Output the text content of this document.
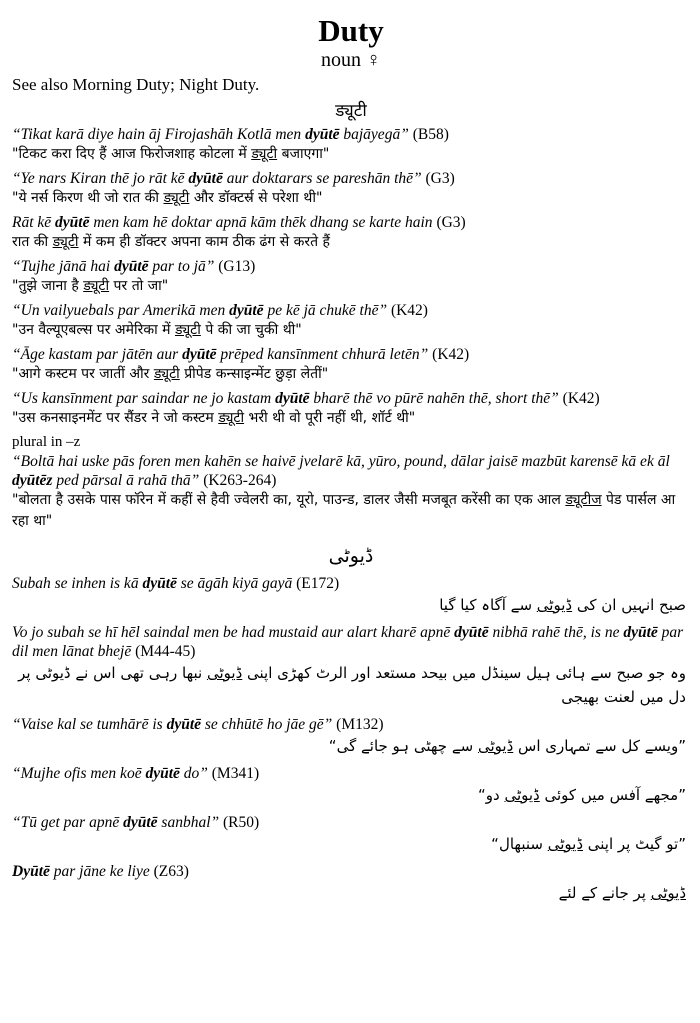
Duty
noun ♀
See also Morning Duty; Night Duty.
ड्यूटी
“Tikat karā diye hain āj Firojashāh Kotlā men dyūtē bajāyegā” (B58)
"टिकट करा दिए हैं आज फिरोजशाह कोटला में ड्यूटी बजाएगा"
“Ye nars Kiran thē jo rāt kē dyūtē aur doktarars se pareshān thē” (G3)
"ये नर्स किरण थी जो रात की ड्यूटी और डॉक्टर्स्र से परेशा थी"
Rāt kē dyūtē men kam hē doktar apnā kām thēk dhang se karte hain (G3)
रात की ड्यूटी में कम ही डॉक्टर अपना काम ठीक ढंग से करते हैं
“Tujhe jānā hai dyūtē par to jā” (G13)
"तुझे जाना है ड्यूटी पर तो जा"
“Un vailyuebals par Amerikā men dyūtē pe kē jā chukē thē” (K42)
"उन वैल्यूएबल्स पर अमेरिका में ड्यूटी पे की जा चुकी थी"
“Āge kastam par jātēn aur dyūtē prēped kansīnment chhurā letēn” (K42)
"आगे कस्टम पर जातीं और ड्यूटी प्रीपेड कन्साइन्मेंट छुड़ा लेतीं"
“Us kansīnment par saindar ne jo kastam dyūtē bharē thē vo pūrē nahēn thē, short thē” (K42)
"उस कनसाइनमेंट पर सैंडर ने जो कस्टम ड्यूटी भरी थी वो पूरी नहीं थी, शॉर्ट थी"
plural in –z
“Boltā hai uske pās foren men kahēn se haivē jvelarē kā, yūro, pound, dālar jaisē mazbūt karensē kā ek āl dyūtēz ped pārsal ā rahā thā” (K263-264)
"बोलता है उसके पास फॉरेन में कहीं से हैवी ज्वेलरी का, यूरो, पाउन्ड, डालर जैसी मजबूत करेंसी का एक आल ड्यूटीज पेड पार्सल आ रहा था"
ڈیوٹی
Subah se inhen is kā dyūtē se āgāh kiyā gayā (E172)
صبح انہیں ان کی ڈیوٹی سے آگاہ کیا گیا
Vo jo subah se hī hēl saindal men be had mustaid aur alart kharē apnē dyūtē nibhā rahē thē, is ne dyūtē par dil men lānat bhejē (M44-45)
وہ جو صبح سے ہائی ہیل سینڈل میں بیحد مستعد اور الرٹ کھڑی اپنی ڈیوٹی نبھا رہی تھی اس نے ڈیوٹی پر دل میں لعنت بھیجی
“Vaise kal se tumhārē is dyūtē se chhūtē ho jāe gē” (M132)
”ویسے کل سے تمہاری اس ڈیوٹی سے چھٹی ہو جائے گی“
“Mujhe ofis men koē dyūtē do” (M341)
”مجھے آفس میں کوئی ڈیوٹی دو“
“Tū get par apnē dyūtē sanbhal” (R50)
”تو گیٹ پر اپنی ڈیوٹی سنبھال“
Dyūtē par jāne ke liye (Z63)
ڈیوٹی پر جانے کے لئے
